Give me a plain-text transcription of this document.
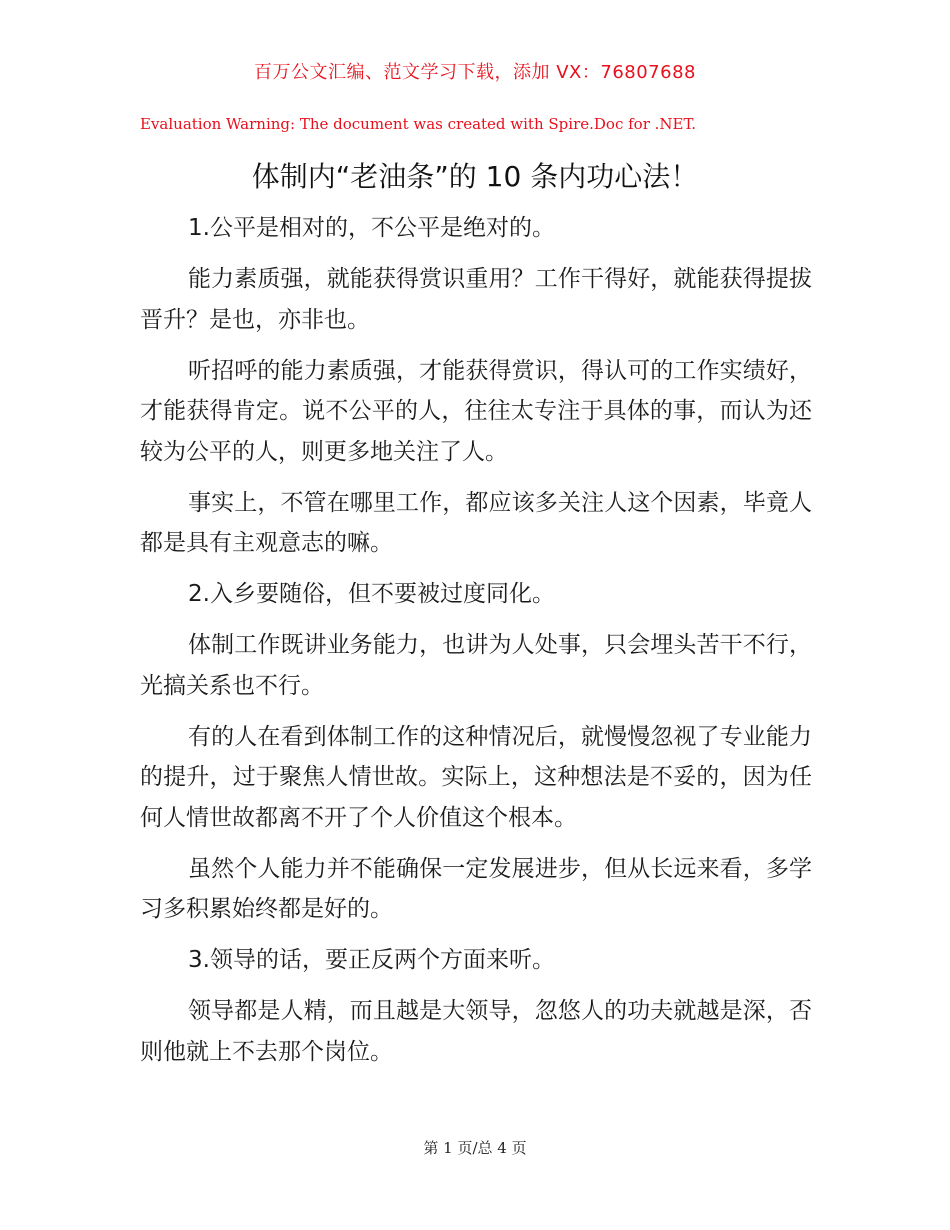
百万公文汇编、范文学习下载，添加 VX：76807688
Evaluation Warning: The document was created with Spire.Doc for .NET.
体制内“老油条”的 10 条内功心法！

1.公平是相对的，不公平是绝对的。

能力素质强，就能获得赏识重用？工作干得好，就能获得提拔晋升？是也，亦非也。

听招呼的能力素质强，才能获得赏识，得认可的工作实绩好，才能获得肯定。说不公平的人，往往太专注于具体的事，而认为还较为公平的人，则更多地关注了人。

事实上，不管在哪里工作，都应该多关注人这个因素，毕竟人都是具有主观意志的嘛。

2.入乡要随俗，但不要被过度同化。

体制工作既讲业务能力，也讲为人处事，只会埋头苦干不行，光搞关系也不行。

有的人在看到体制工作的这种情况后，就慢慢忽视了专业能力的提升，过于聚焦人情世故。实际上，这种想法是不妥的，因为任何人情世故都离不开了个人价值这个根本。

虽然个人能力并不能确保一定发展进步，但从长远来看，多学习多积累始终都是好的。

3.领导的话，要正反两个方面来听。

领导都是人精，而且越是大领导，忽悠人的功夫就越是深，否则他就上不去那个岗位。

第 1 页/总 4 页
